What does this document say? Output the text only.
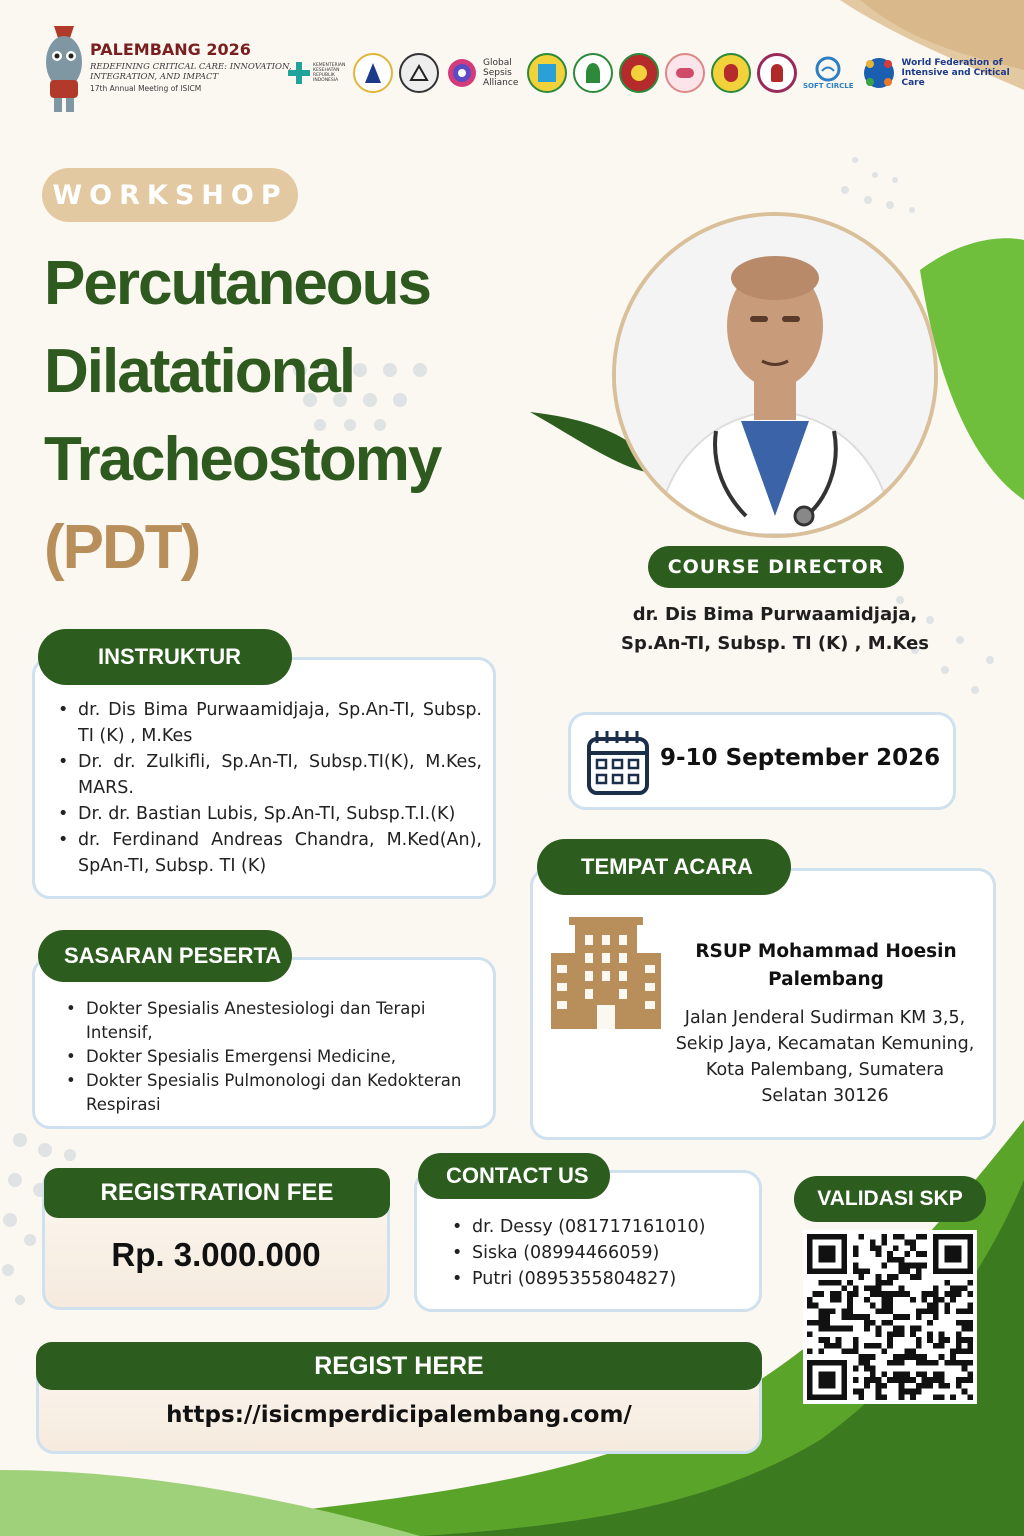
PALEMBANG 2026
REDEFINING CRITICAL CARE: INNOVATION, INTEGRATION, AND IMPACT
17th Annual Meeting of ISICM
KEMENTERIAN KESEHATAN REPUBLIK INDONESIA
Global Sepsis Alliance	SOFT CIRCLE
World Federation of Intensive and Critical Care
WORKSHOP
Percutaneous
Dilatational
Tracheostomy
(PDT)	COURSE DIRECTOR
dr. Dis Bima Purwaamidjaja,
Sp.An-TI, Subsp. TI (K) , M.Kes
INSTRUKTUR
• dr. Dis Bima Purwaamidjaja, Sp.An-TI, Subsp. TI (K) , M.Kes
• Dr. dr. Zulkifli, Sp.An-TI, Subsp.TI(K), M.Kes, MARS.
• Dr. dr. Bastian Lubis, Sp.An-TI, Subsp.T.I.(K)
• dr. Ferdinand Andreas Chandra, M.Ked(An), SpAn-TI, Subsp. TI (K)
9-10 September 2026
TEMPAT ACARA
RSUP Mohammad Hoesin Palembang
Jalan Jenderal Sudirman KM 3,5, Sekip Jaya, Kecamatan Kemuning, Kota Palembang, Sumatera Selatan 30126
SASARAN PESERTA
• Dokter Spesialis Anestesiologi dan Terapi Intensif,
• Dokter Spesialis Emergensi Medicine,
• Dokter Spesialis Pulmonologi dan Kedokteran Respirasi
REGISTRATION FEE
Rp. 3.000.000
CONTACT US
• dr. Dessy (081717161010)
• Siska (08994466059)
• Putri (0895355804827)
VALIDASI SKP
REGIST HERE
https://isicmperdicipalembang.com/
